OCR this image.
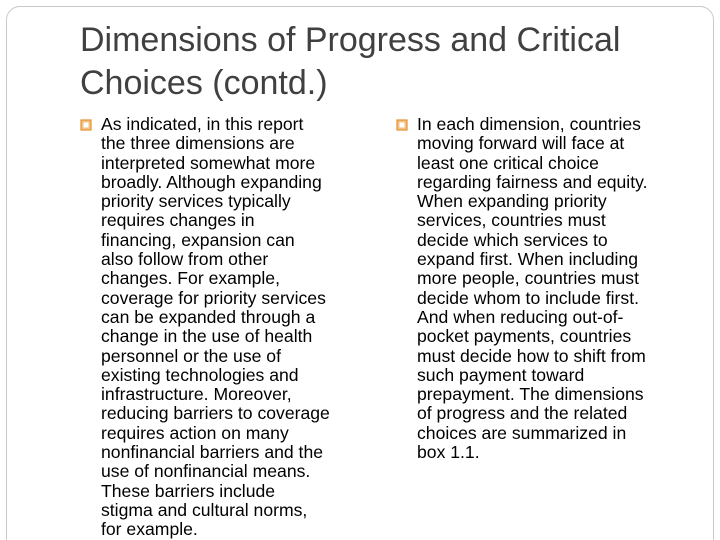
Dimensions of Progress and Critical Choices (contd.)
As indicated, in this report
the three dimensions are
interpreted somewhat more
broadly. Although expanding
priority services typically
requires changes in
financing, expansion can
also follow from other
changes. For example,
coverage for priority services
can be expanded through a
change in the use of health
personnel or the use of
existing technologies and
infrastructure. Moreover,
reducing barriers to coverage
requires action on many
nonfinancial barriers and the
use of nonfinancial means.
These barriers include
stigma and cultural norms,
for example.
In each dimension, countries
moving forward will face at
least one critical choice
regarding fairness and equity.
When expanding priority
services, countries must
decide which services to
expand first. When including
more people, countries must
decide whom to include first.
And when reducing out-of-
pocket payments, countries
must decide how to shift from
such payment toward
prepayment. The dimensions
of progress and the related
choices are summarized in
box 1.1.
